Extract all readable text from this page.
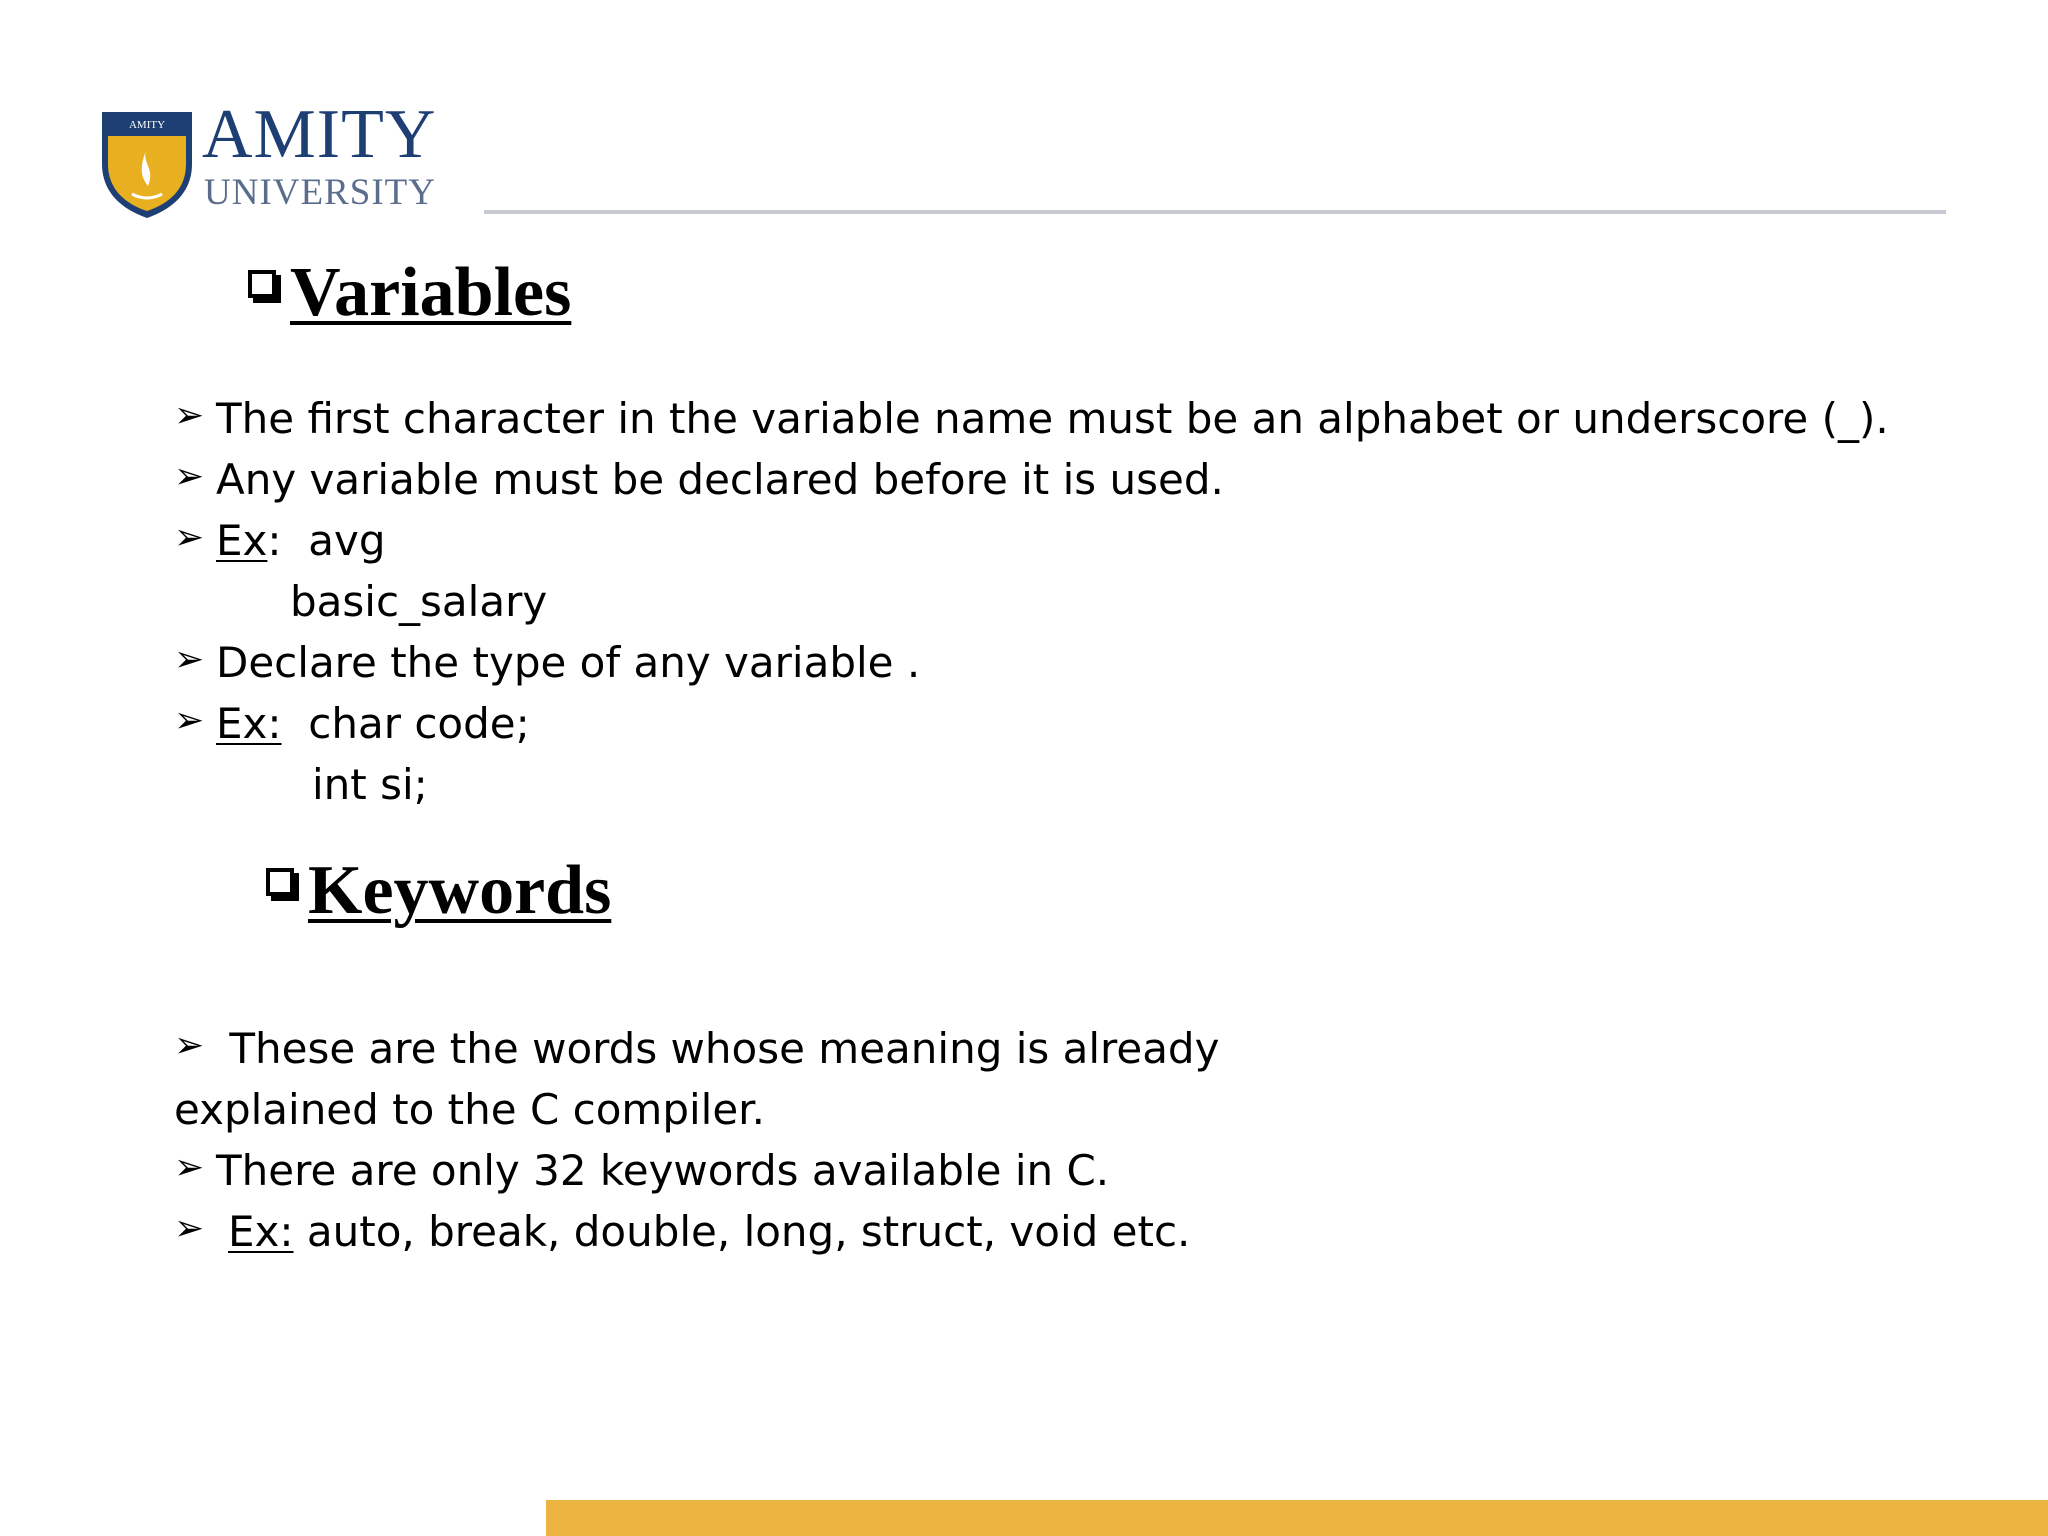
AMITY AMITY
UNIVERSITY
Variables
➢ The first character in the variable name must be an alphabet or underscore (_).
➢ Any variable must be declared before it is used.
➢ Ex:  avg
basic_salary
➢ Declare the type of any variable .
➢ Ex:  char code;
int si;
Keywords
➢ These are the words whose meaning is already
explained to the C compiler.
➢ There are only 32 keywords available in C.
➢ Ex: auto, break, double, long, struct, void etc.
